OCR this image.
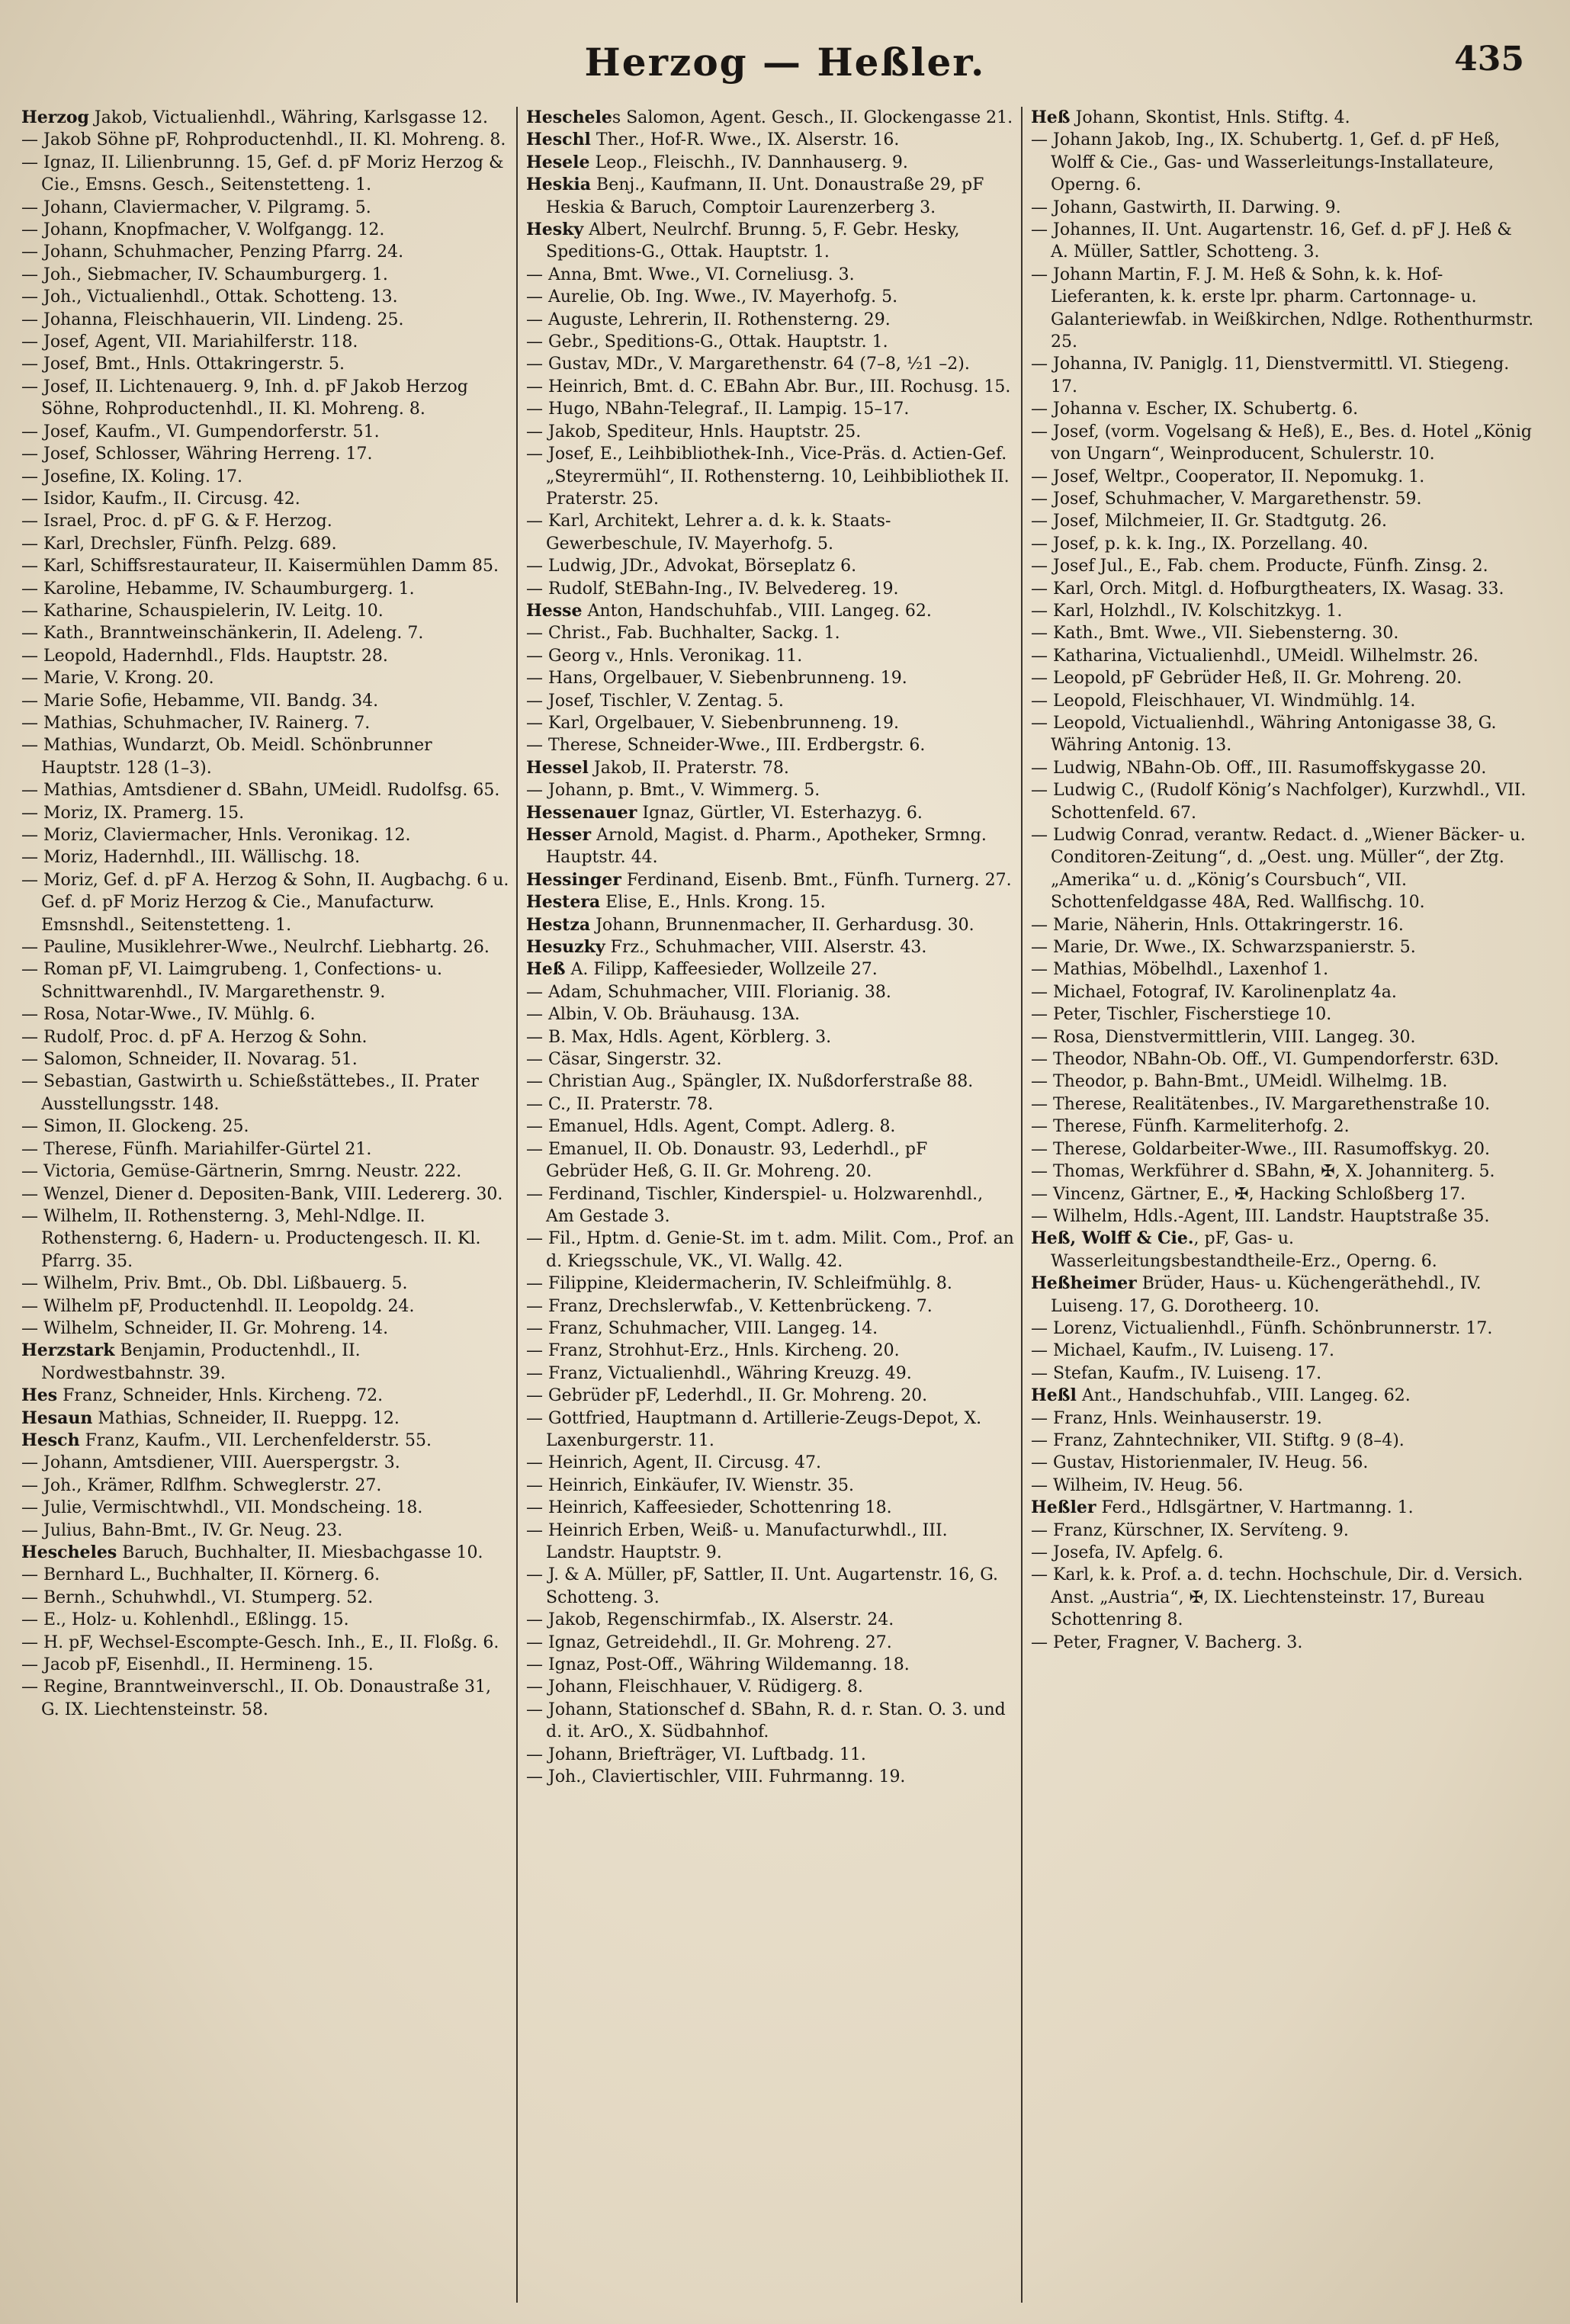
Herzog — Heßler.	435

Herzog Jakob, Victualienhdl., Währing, Karlsgasse 12.

— Jakob Söhne pF, Rohproductenhdl., II. Kl. Mohreng. 8.

— Ignaz, II. Lilienbrunng. 15, Gef. d. pF Moriz Herzog & Cie., Emsns. Gesch., Seitenstetteng. 1.

— Johann, Claviermacher, V. Pilgramg. 5.

— Johann, Knopfmacher, V. Wolfgangg. 12.

— Johann, Schuhmacher, Penzing Pfarrg. 24.

— Joh., Siebmacher, IV. Schaumburgerg. 1.

— Joh., Victualienhdl., Ottak. Schotteng. 13.

— Johanna, Fleischhauerin, VII. Lindeng. 25.

— Josef, Agent, VII. Mariahilferstr. 118.

— Josef, Bmt., Hnls. Ottakringerstr. 5.

— Josef, II. Lichtenauerg. 9, Inh. d. pF Jakob Herzog Söhne, Rohproductenhdl., II. Kl. Mohreng. 8.

— Josef, Kaufm., VI. Gumpendorferstr. 51.

— Josef, Schlosser, Währing Herreng. 17.

— Josefine, IX. Koling. 17.

— Isidor, Kaufm., II. Circusg. 42.

— Israel, Proc. d. pF G. & F. Herzog.

— Karl, Drechsler, Fünfh. Pelzg. 689.

— Karl, Schiffsrestaurateur, II. Kaisermühlen Damm 85.

— Karoline, Hebamme, IV. Schaumburgerg. 1.

— Katharine, Schauspielerin, IV. Leitg. 10.

— Kath., Branntweinschänkerin, II. Adeleng. 7.

— Leopold, Hadernhdl., Flds. Hauptstr. 28.

— Marie, V. Krong. 20.

— Marie Sofie, Hebamme, VII. Bandg. 34.

— Mathias, Schuhmacher, IV. Rainerg. 7.

— Mathias, Wundarzt, Ob. Meidl. Schönbrunner Hauptstr. 128 (1–3).

— Mathias, Amtsdiener d. SBahn, UMeidl. Rudolfsg. 65.

— Moriz, IX. Pramerg. 15.

— Moriz, Claviermacher, Hnls. Veronikag. 12.

— Moriz, Hadernhdl., III. Wällischg. 18.

— Moriz, Gef. d. pF A. Herzog & Sohn, II. Augbachg. 6 u. Gef. d. pF Moriz Herzog & Cie., Manufacturw. Emsnshdl., Seitenstetteng. 1.

— Pauline, Musiklehrer-Wwe., Neulrchf. Liebhartg. 26.

— Roman pF, VI. Laimgrubeng. 1, Confections- u. Schnittwarenhdl., IV. Margarethenstr. 9.

— Rosa, Notar-Wwe., IV. Mühlg. 6.

— Rudolf, Proc. d. pF A. Herzog & Sohn.

— Salomon, Schneider, II. Novarag. 51.

— Sebastian, Gastwirth u. Schießstättebes., II. Prater Ausstellungsstr. 148.

— Simon, II. Glockeng. 25.

— Therese, Fünfh. Mariahilfer-Gürtel 21.

— Victoria, Gemüse-Gärtnerin, Smrng. Neustr. 222.

— Wenzel, Diener d. Depositen-Bank, VIII. Ledererg. 30.

— Wilhelm, II. Rothensterng. 3, Mehl-Ndlge. II. Rothensterng. 6, Hadern- u. Productengesch. II. Kl. Pfarrg. 35.

— Wilhelm, Priv. Bmt., Ob. Dbl. Lißbauerg. 5.

— Wilhelm pF, Productenhdl. II. Leopoldg. 24.

— Wilhelm, Schneider, II. Gr. Mohreng. 14.

Herzstark Benjamin, Productenhdl., II. Nordwestbahnstr. 39.

Hes Franz, Schneider, Hnls. Kircheng. 72.

Hesaun Mathias, Schneider, II. Rueppg. 12.

Hesch Franz, Kaufm., VII. Lerchenfelderstr. 55.

— Johann, Amtsdiener, VIII. Auerspergstr. 3.

— Joh., Krämer, Rdlfhm. Schweglerstr. 27.

— Julie, Vermischtwhdl., VII. Mondscheing. 18.

— Julius, Bahn-Bmt., IV. Gr. Neug. 23.

Hescheles Baruch, Buchhalter, II. Miesbachgasse 10.

— Bernhard L., Buchhalter, II. Körnerg. 6.

— Bernh., Schuhwhdl., VI. Stumperg. 52.

— E., Holz- u. Kohlenhdl., Eßlingg. 15.

— H. pF, Wechsel-Escompte-Gesch. Inh., E., II. Floßg. 6.

— Jacob pF, Eisenhdl., II. Hermineng. 15.

— Regine, Branntweinverschl., II. Ob. Donaustraße 31, G. IX. Liechtensteinstr. 58.

Hescheles Salomon, Agent. Gesch., II. Glockengasse 21.

Heschl Ther., Hof-R. Wwe., IX. Alserstr. 16.

Hesele Leop., Fleischh., IV. Dannhauserg. 9.

Heskia Benj., Kaufmann, II. Unt. Donaustraße 29, pF Heskia & Baruch, Comptoir Laurenzerberg 3.

Hesky Albert, Neulrchf. Brunng. 5, F. Gebr. Hesky, Speditions-G., Ottak. Hauptstr. 1.

— Anna, Bmt. Wwe., VI. Corneliusg. 3.

— Aurelie, Ob. Ing. Wwe., IV. Mayerhofg. 5.

— Auguste, Lehrerin, II. Rothensterng. 29.

— Gebr., Speditions-G., Ottak. Hauptstr. 1.

— Gustav, MDr., V. Margarethenstr. 64 (7–8, ½1 –2).

— Heinrich, Bmt. d. C. EBahn Abr. Bur., III. Rochusg. 15.

— Hugo, NBahn-Telegraf., II. Lampig. 15–17.

— Jakob, Spediteur, Hnls. Hauptstr. 25.

— Josef, E., Leihbibliothek-Inh., Vice-Präs. d. Actien-Gef. „Steyrermühl“, II. Rothensterng. 10, Leihbibliothek II. Praterstr. 25.

— Karl, Architekt, Lehrer a. d. k. k. Staats-Gewerbeschule, IV. Mayerhofg. 5.

— Ludwig, JDr., Advokat, Börseplatz 6.

— Rudolf, StEBahn-Ing., IV. Belvedereg. 19.

Hesse Anton, Handschuhfab., VIII. Langeg. 62.

— Christ., Fab. Buchhalter, Sackg. 1.

— Georg v., Hnls. Veronikag. 11.

— Hans, Orgelbauer, V. Siebenbrunneng. 19.

— Josef, Tischler, V. Zentag. 5.

— Karl, Orgelbauer, V. Siebenbrunneng. 19.

— Therese, Schneider-Wwe., III. Erdbergstr. 6.

Hessel Jakob, II. Praterstr. 78.

— Johann, p. Bmt., V. Wimmerg. 5.

Hessenauer Ignaz, Gürtler, VI. Esterhazyg. 6.

Hesser Arnold, Magist. d. Pharm., Apotheker, Srmng. Hauptstr. 44.

Hessinger Ferdinand, Eisenb. Bmt., Fünfh. Turnerg. 27.

Hestera Elise, E., Hnls. Krong. 15.

Hestza Johann, Brunnenmacher, II. Gerhardusg. 30.

Hesuzky Frz., Schuhmacher, VIII. Alserstr. 43.

Heß A. Filipp, Kaffeesieder, Wollzeile 27.

— Adam, Schuhmacher, VIII. Florianig. 38.

— Albin, V. Ob. Bräuhausg. 13A.

— B. Max, Hdls. Agent, Körblerg. 3.

— Cäsar, Singerstr. 32.

— Christian Aug., Spängler, IX. Nußdorferstraße 88.

— C., II. Praterstr. 78.

— Emanuel, Hdls. Agent, Compt. Adlerg. 8.

— Emanuel, II. Ob. Donaustr. 93, Lederhdl., pF Gebrüder Heß, G. II. Gr. Mohreng. 20.

— Ferdinand, Tischler, Kinderspiel- u. Holzwarenhdl., Am Gestade 3.

— Fil., Hptm. d. Genie-St. im t. adm. Milit. Com., Prof. an d. Kriegsschule, VK., VI. Wallg. 42.

— Filippine, Kleidermacherin, IV. Schleifmühlg. 8.

— Franz, Drechslerwfab., V. Kettenbrückeng. 7.

— Franz, Schuhmacher, VIII. Langeg. 14.

— Franz, Strohhut-Erz., Hnls. Kircheng. 20.

— Franz, Victualienhdl., Währing Kreuzg. 49.

— Gebrüder pF, Lederhdl., II. Gr. Mohreng. 20.

— Gottfried, Hauptmann d. Artillerie-Zeugs-Depot, X. Laxenburgerstr. 11.

— Heinrich, Agent, II. Circusg. 47.

— Heinrich, Einkäufer, IV. Wienstr. 35.

— Heinrich, Kaffeesieder, Schottenring 18.

— Heinrich Erben, Weiß- u. Manufacturwhdl., III. Landstr. Hauptstr. 9.

— J. & A. Müller, pF, Sattler, II. Unt. Augartenstr. 16, G. Schotteng. 3.

— Jakob, Regenschirmfab., IX. Alserstr. 24.

— Ignaz, Getreidehdl., II. Gr. Mohreng. 27.

— Ignaz, Post-Off., Währing Wildemanng. 18.

— Johann, Fleischhauer, V. Rüdigerg. 8.

— Johann, Stationschef d. SBahn, R. d. r. Stan. O. 3. und d. it. ArO., X. Südbahnhof.

— Johann, Briefträger, VI. Luftbadg. 11.

— Joh., Claviertischler, VIII. Fuhrmanng. 19.

Heß Johann, Skontist, Hnls. Stiftg. 4.

— Johann Jakob, Ing., IX. Schubertg. 1, Gef. d. pF Heß, Wolff & Cie., Gas- und Wasserleitungs-Installateure, Operng. 6.

— Johann, Gastwirth, II. Darwing. 9.

— Johannes, II. Unt. Augartenstr. 16, Gef. d. pF J. Heß & A. Müller, Sattler, Schotteng. 3.

— Johann Martin, F. J. M. Heß & Sohn, k. k. Hof-Lieferanten, k. k. erste lpr. pharm. Cartonnage- u. Galanteriewfab. in Weißkirchen, Ndlge. Rothenthurmstr. 25.

— Johanna, IV. Paniglg. 11, Dienstvermittl. VI. Stiegeng. 17.

— Johanna v. Escher, IX. Schubertg. 6.

— Josef, (vorm. Vogelsang & Heß), E., Bes. d. Hotel „König von Ungarn“, Weinproducent, Schulerstr. 10.

— Josef, Weltpr., Cooperator, II. Nepomukg. 1.

— Josef, Schuhmacher, V. Margarethenstr. 59.

— Josef, Milchmeier, II. Gr. Stadtgutg. 26.

— Josef, p. k. k. Ing., IX. Porzellang. 40.

— Josef Jul., E., Fab. chem. Producte, Fünfh. Zinsg. 2.

— Karl, Orch. Mitgl. d. Hofburgtheaters, IX. Wasag. 33.

— Karl, Holzhdl., IV. Kolschitzkyg. 1.

— Kath., Bmt. Wwe., VII. Siebensterng. 30.

— Katharina, Victualienhdl., UMeidl. Wilhelmstr. 26.

— Leopold, pF Gebrüder Heß, II. Gr. Mohreng. 20.

— Leopold, Fleischhauer, VI. Windmühlg. 14.

— Leopold, Victualienhdl., Währing Antonigasse 38, G. Währing Antonig. 13.

— Ludwig, NBahn-Ob. Off., III. Rasumoffskygasse 20.

— Ludwig C., (Rudolf König’s Nachfolger), Kurzwhdl., VII. Schottenfeld. 67.

— Ludwig Conrad, verantw. Redact. d. „Wiener Bäcker- u. Conditoren-Zeitung“, d. „Oest. ung. Müller“, der Ztg. „Amerika“ u. d. „König’s Coursbuch“, VII. Schottenfeldgasse 48A, Red. Wallfischg. 10.

— Marie, Näherin, Hnls. Ottakringerstr. 16.

— Marie, Dr. Wwe., IX. Schwarzspanierstr. 5.

— Mathias, Möbelhdl., Laxenhof 1.

— Michael, Fotograf, IV. Karolinenplatz 4a.

— Peter, Tischler, Fischerstiege 10.

— Rosa, Dienstvermittlerin, VIII. Langeg. 30.

— Theodor, NBahn-Ob. Off., VI. Gumpendorferstr. 63D.

— Theodor, p. Bahn-Bmt., UMeidl. Wilhelmg. 1B.

— Therese, Realitätenbes., IV. Margarethenstraße 10.

— Therese, Fünfh. Karmeliterhofg. 2.

— Therese, Goldarbeiter-Wwe., III. Rasumoffskyg. 20.

— Thomas, Werkführer d. SBahn, ✠, X. Johanniterg. 5.

— Vincenz, Gärtner, E., ✠, Hacking Schloßberg 17.

— Wilhelm, Hdls.-Agent, III. Landstr. Hauptstraße 35.

Heß, Wolff & Cie., pF, Gas- u. Wasserleitungsbestandtheile-Erz., Operng. 6.

Heßheimer Brüder, Haus- u. Küchengeräthehdl., IV. Luiseng. 17, G. Dorotheerg. 10.

— Lorenz, Victualienhdl., Fünfh. Schönbrunnerstr. 17.

— Michael, Kaufm., IV. Luiseng. 17.

— Stefan, Kaufm., IV. Luiseng. 17.

Heßl Ant., Handschuhfab., VIII. Langeg. 62.

— Franz, Hnls. Weinhauserstr. 19.

— Franz, Zahntechniker, VII. Stiftg. 9 (8–4).

— Gustav, Historienmaler, IV. Heug. 56.

— Wilheim, IV. Heug. 56.

Heßler Ferd., Hdlsgärtner, V. Hartmanng. 1.

— Franz, Kürschner, IX. Servíteng. 9.

— Josefa, IV. Apfelg. 6.

— Karl, k. k. Prof. a. d. techn. Hochschule, Dir. d. Versich. Anst. „Austria“, ✠, IX. Liechtensteinstr. 17, Bureau Schottenring 8.

— Peter, Fragner, V. Bacherg. 3.
